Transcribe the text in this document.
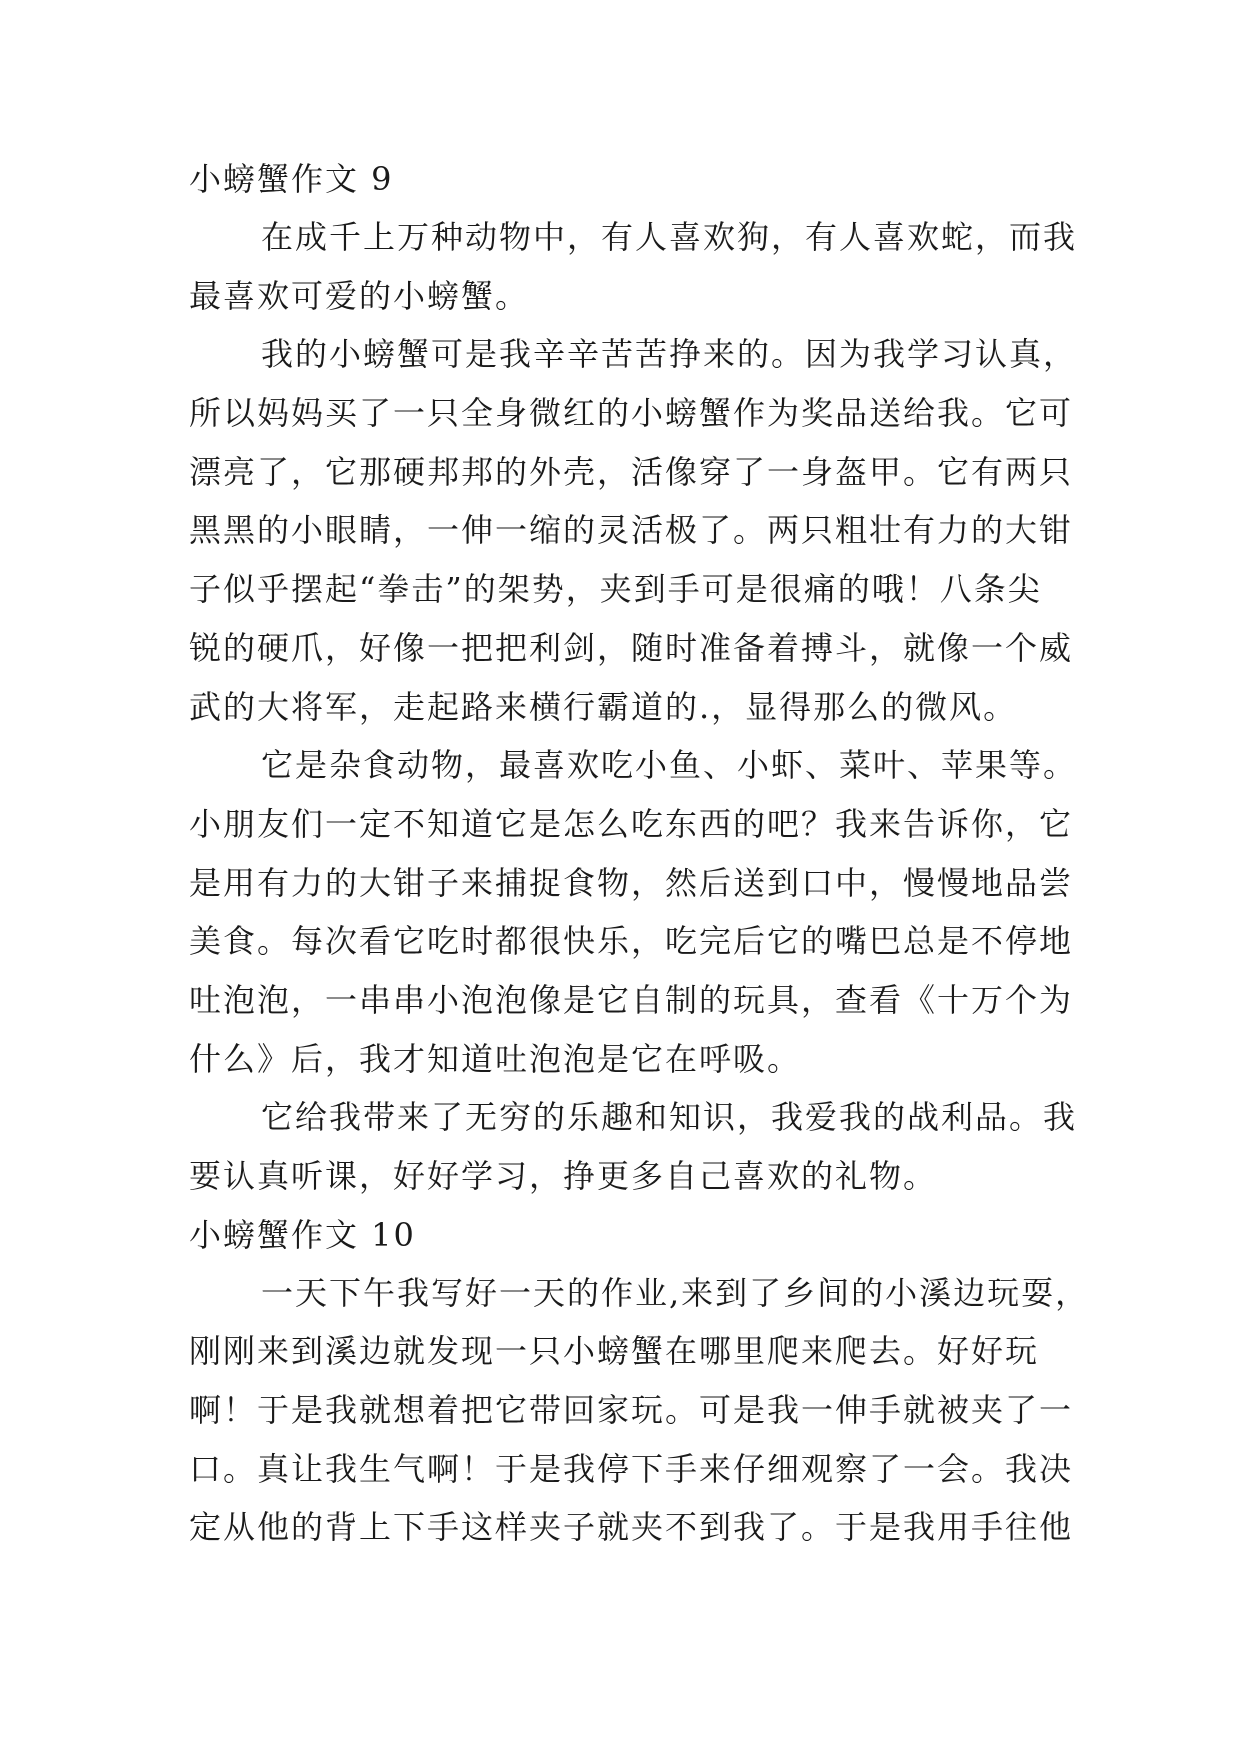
小螃蟹作文 9

在成千上万种动物中，有人喜欢狗，有人喜欢蛇，而我
最喜欢可爱的小螃蟹。

我的小螃蟹可是我辛辛苦苦挣来的。因为我学习认真，
所以妈妈买了一只全身微红的小螃蟹作为奖品送给我。它可
漂亮了，它那硬邦邦的外壳，活像穿了一身盔甲。它有两只
黑黑的小眼睛，一伸一缩的灵活极了。两只粗壮有力的大钳
子似乎摆起“拳击”的架势，夹到手可是很痛的哦！八条尖
锐的硬爪，好像一把把利剑，随时准备着搏斗，就像一个威
武的大将军，走起路来横行霸道的.，显得那么的微风。

它是杂食动物，最喜欢吃小鱼、小虾、菜叶、苹果等。
小朋友们一定不知道它是怎么吃东西的吧？我来告诉你，它
是用有力的大钳子来捕捉食物，然后送到口中，慢慢地品尝
美食。每次看它吃时都很快乐，吃完后它的嘴巴总是不停地
吐泡泡，一串串小泡泡像是它自制的玩具，查看《十万个为
什么》后，我才知道吐泡泡是它在呼吸。

它给我带来了无穷的乐趣和知识，我爱我的战利品。我
要认真听课，好好学习，挣更多自己喜欢的礼物。

小螃蟹作文 10

一天下午我写好一天的作业,来到了乡间的小溪边玩耍，
刚刚来到溪边就发现一只小螃蟹在哪里爬来爬去。好好玩
啊！于是我就想着把它带回家玩。可是我一伸手就被夹了一
口。真让我生气啊！于是我停下手来仔细观察了一会。我决
定从他的背上下手这样夹子就夹不到我了。于是我用手往他
